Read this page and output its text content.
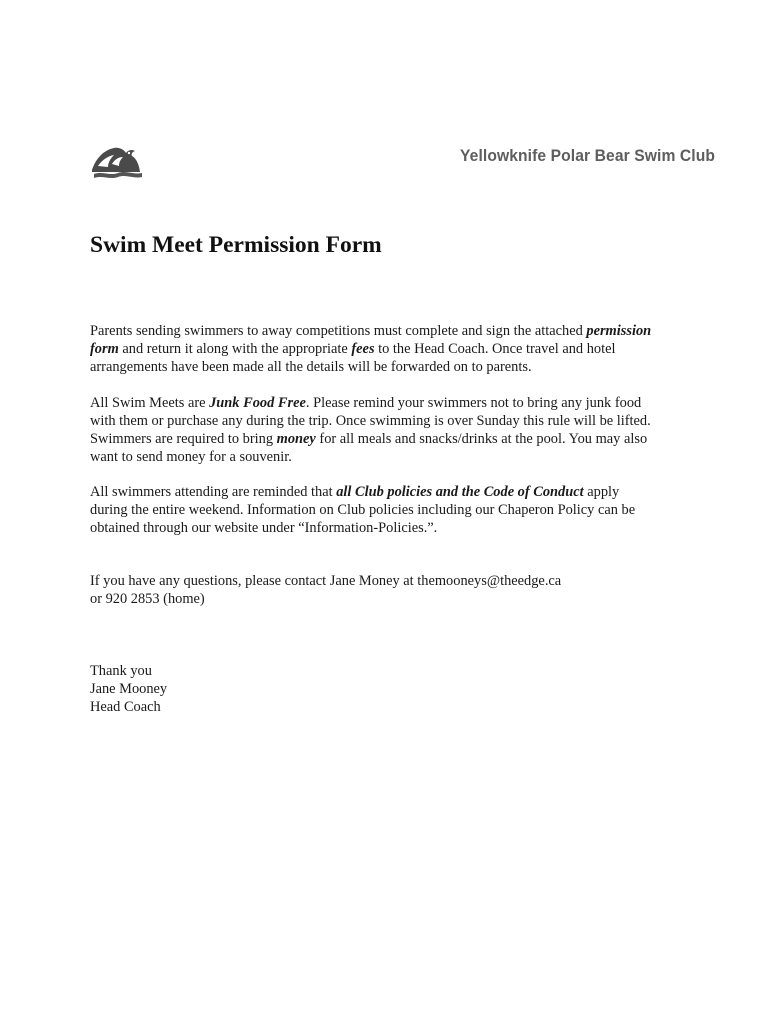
Yellowknife Polar Bear Swim Club
Swim Meet Permission Form
Parents sending swimmers to away competitions must complete and sign the attached permission
form and return it along with the appropriate fees to the Head Coach. Once travel and hotel
arrangements have been made all the details will be forwarded on to parents.
All Swim Meets are Junk Food Free. Please remind your swimmers not to bring any junk food
with them or purchase any during the trip. Once swimming is over Sunday this rule will be lifted.
Swimmers are required to bring money for all meals and snacks/drinks at the pool. You may also
want to send money for a souvenir.
All swimmers attending are reminded that all Club policies and the Code of Conduct apply
during the entire weekend. Information on Club policies including our Chaperon Policy can be
obtained through our website under “Information-Policies.”.
If you have any questions, please contact Jane Money at themooneys@theedge.ca
or 920 2853 (home)
Thank you
Jane Mooney
Head Coach
